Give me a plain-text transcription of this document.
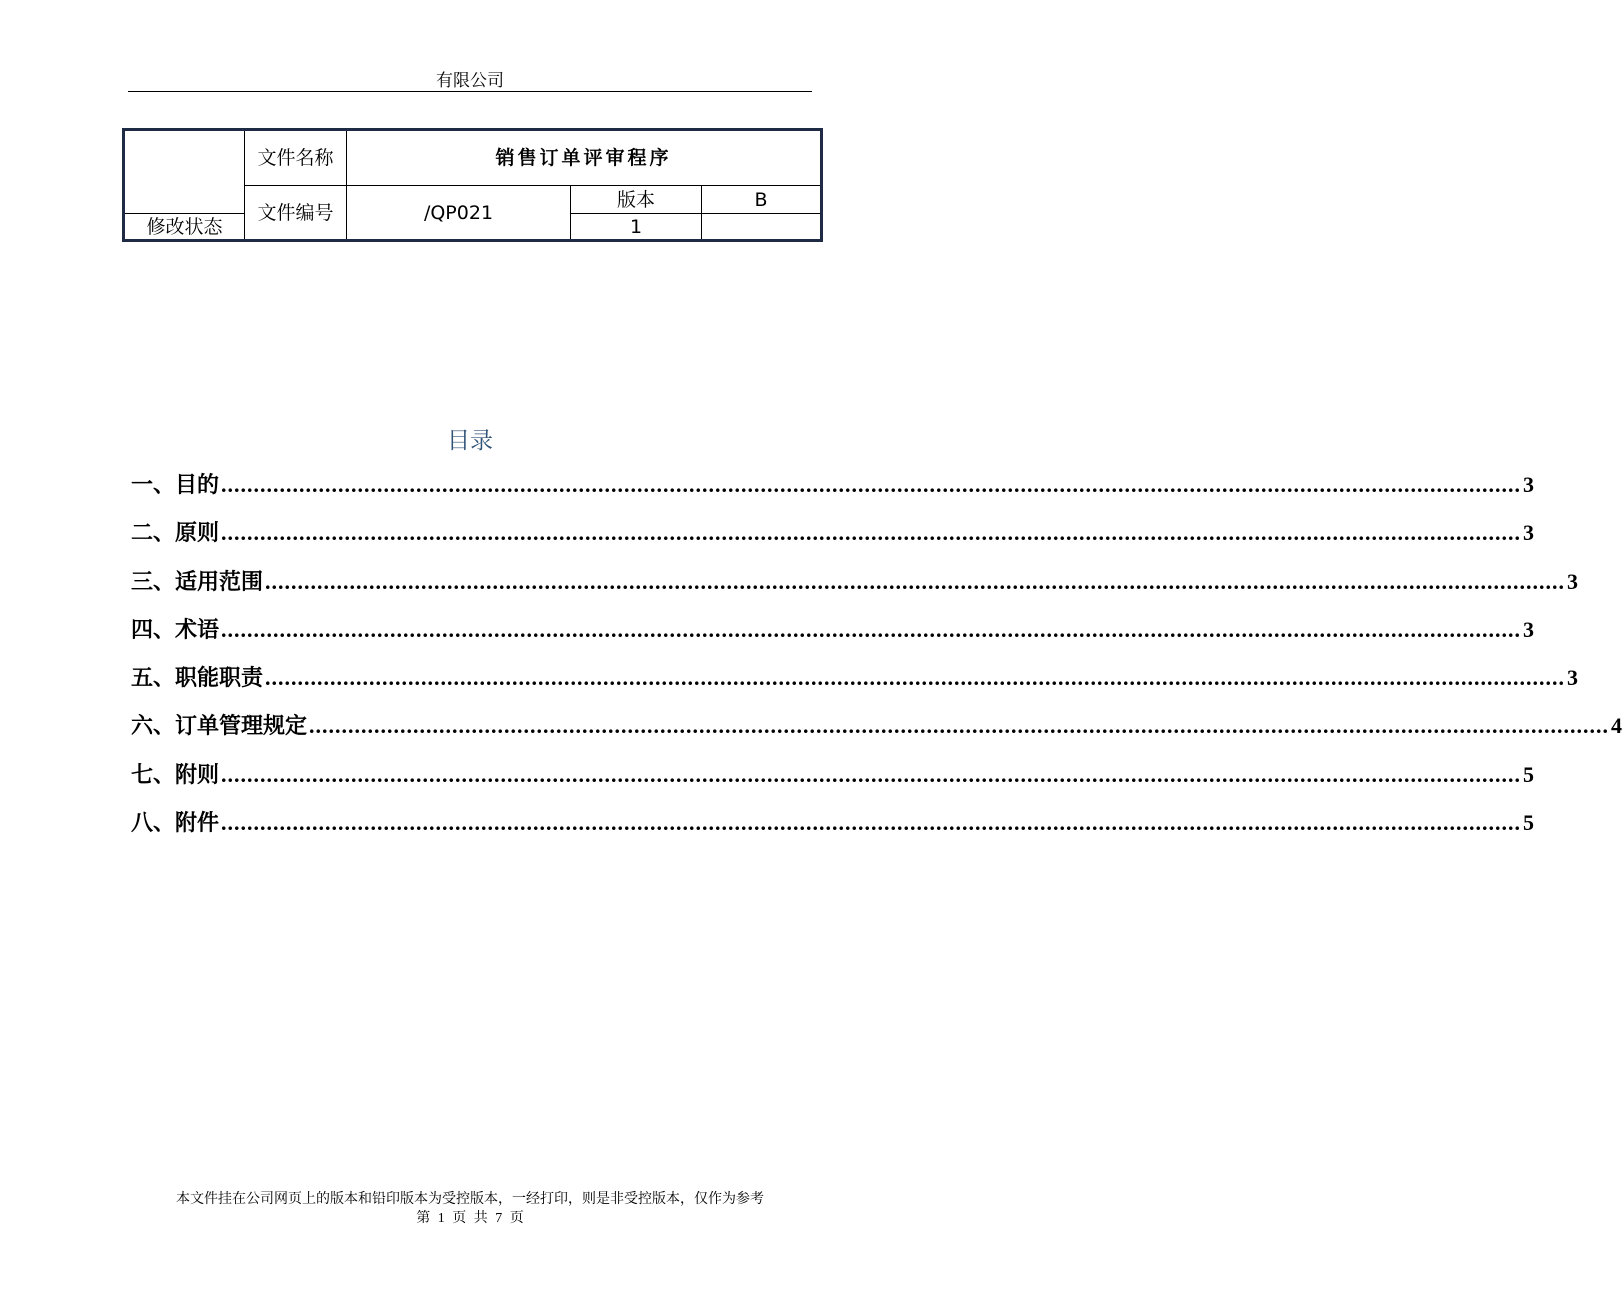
有限公司
	文件名称	销售订单评审程序		
	文件编号	/QP021	版本	B
修改状态			1	
目录
一、目的 ........................................................................................................................................................................................................ 3
二、原则 ........................................................................................................................................................................................................ 3
三、适用范围 ........................................................................................................................................................................................................ 3
四、术语 ........................................................................................................................................................................................................ 3
五、职能职责 ........................................................................................................................................................................................................ 3
六、订单管理规定 ........................................................................................................................................................................................................ 4
七、附则 ........................................................................................................................................................................................................ 5
八、附件 ........................................................................................................................................................................................................ 5
本文件挂在公司网页上的版本和铅印版本为受控版本，一经打印，则是非受控版本，仅作为参考
第 1 页 共 7 页
